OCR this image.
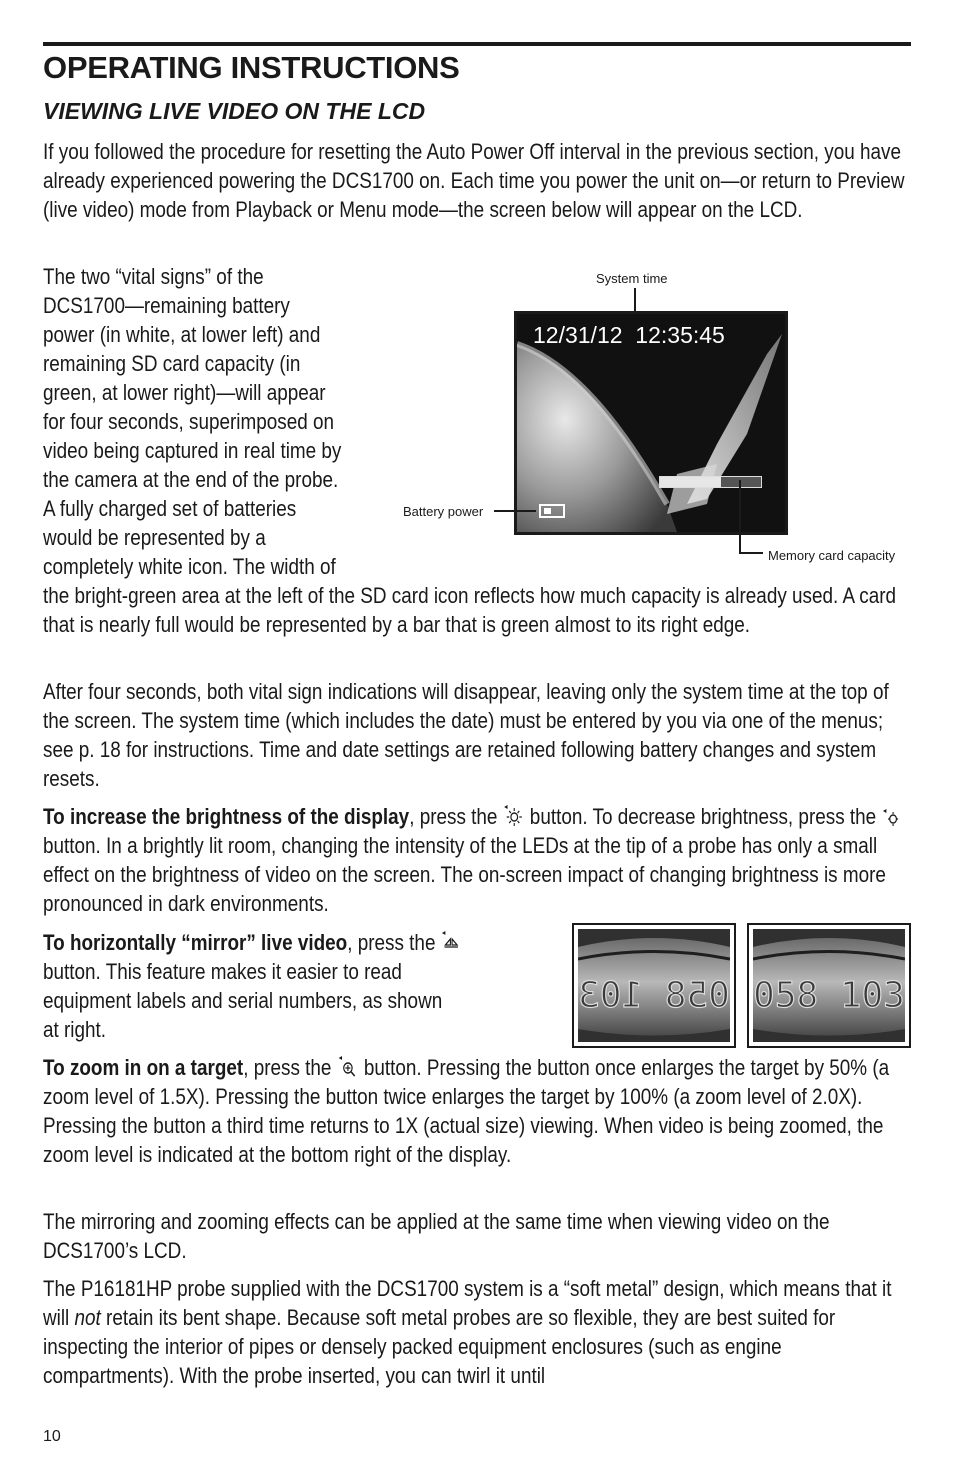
OPERATING INSTRUCTIONS
VIEWING LIVE VIDEO ON THE LCD

If you followed the procedure for resetting the Auto Power Off interval in the previous section, you have already experienced powering the DCS1700 on. Each time you power the unit on—or return to Preview (live video) mode from Playback or Menu mode—the screen below will appear on the LCD.

The two “vital signs” of the
DCS1700—remaining battery
power (in white, at lower left) and
remaining SD card capacity (in
green, at lower right)—will appear
for four seconds, superimposed on
video being captured in real time by
the camera at the end of the probe.
A fully charged set of batteries
would be represented by a
completely white icon. The width of

the bright-green area at the left of the SD card icon reflects how much capacity is already used. A card that is nearly full would be represented by a bar that is green almost to its right edge.

System time
12/31/12  12:35:45
Battery power
Memory card capacity

After four seconds, both vital sign indications will disappear, leaving only the system time at the top of the screen. The system time (which includes the date) must be entered by you via one of the menus; see p. 18 for instructions. Time and date settings are retained following battery changes and system resets.

To increase the brightness of the display, press the button. To decrease brightness, press the  button. In a brightly lit room, changing the intensity of the LEDs at the tip of a probe has only a small effect on the brightness of video on the screen. The on-screen impact of changing brightness is more pronounced in dark environments.

To horizontally “mirror” live video, press the
button. This feature makes it easier to read
equipment labels and serial numbers, as shown
at right.
058 103 058 103

To zoom in on a target, press the button. Pressing the button once enlarges the target by 50% (a zoom level of 1.5X). Pressing the button twice enlarges the target by 100% (a zoom level of 2.0X). Pressing the button a third time returns to 1X (actual size) viewing. When video is being zoomed, the zoom level is indicated at the bottom right of the display.

The mirroring and zooming effects can be applied at the same time when viewing video on the DCS1700’s LCD.

The P16181HP probe supplied with the DCS1700 system is a “soft metal” design, which means that it will not retain its bent shape. Because soft metal probes are so flexible, they are best suited for inspecting the interior of pipes or densely packed equipment enclosures (such as engine compartments). With the probe inserted, you can twirl it until

10
